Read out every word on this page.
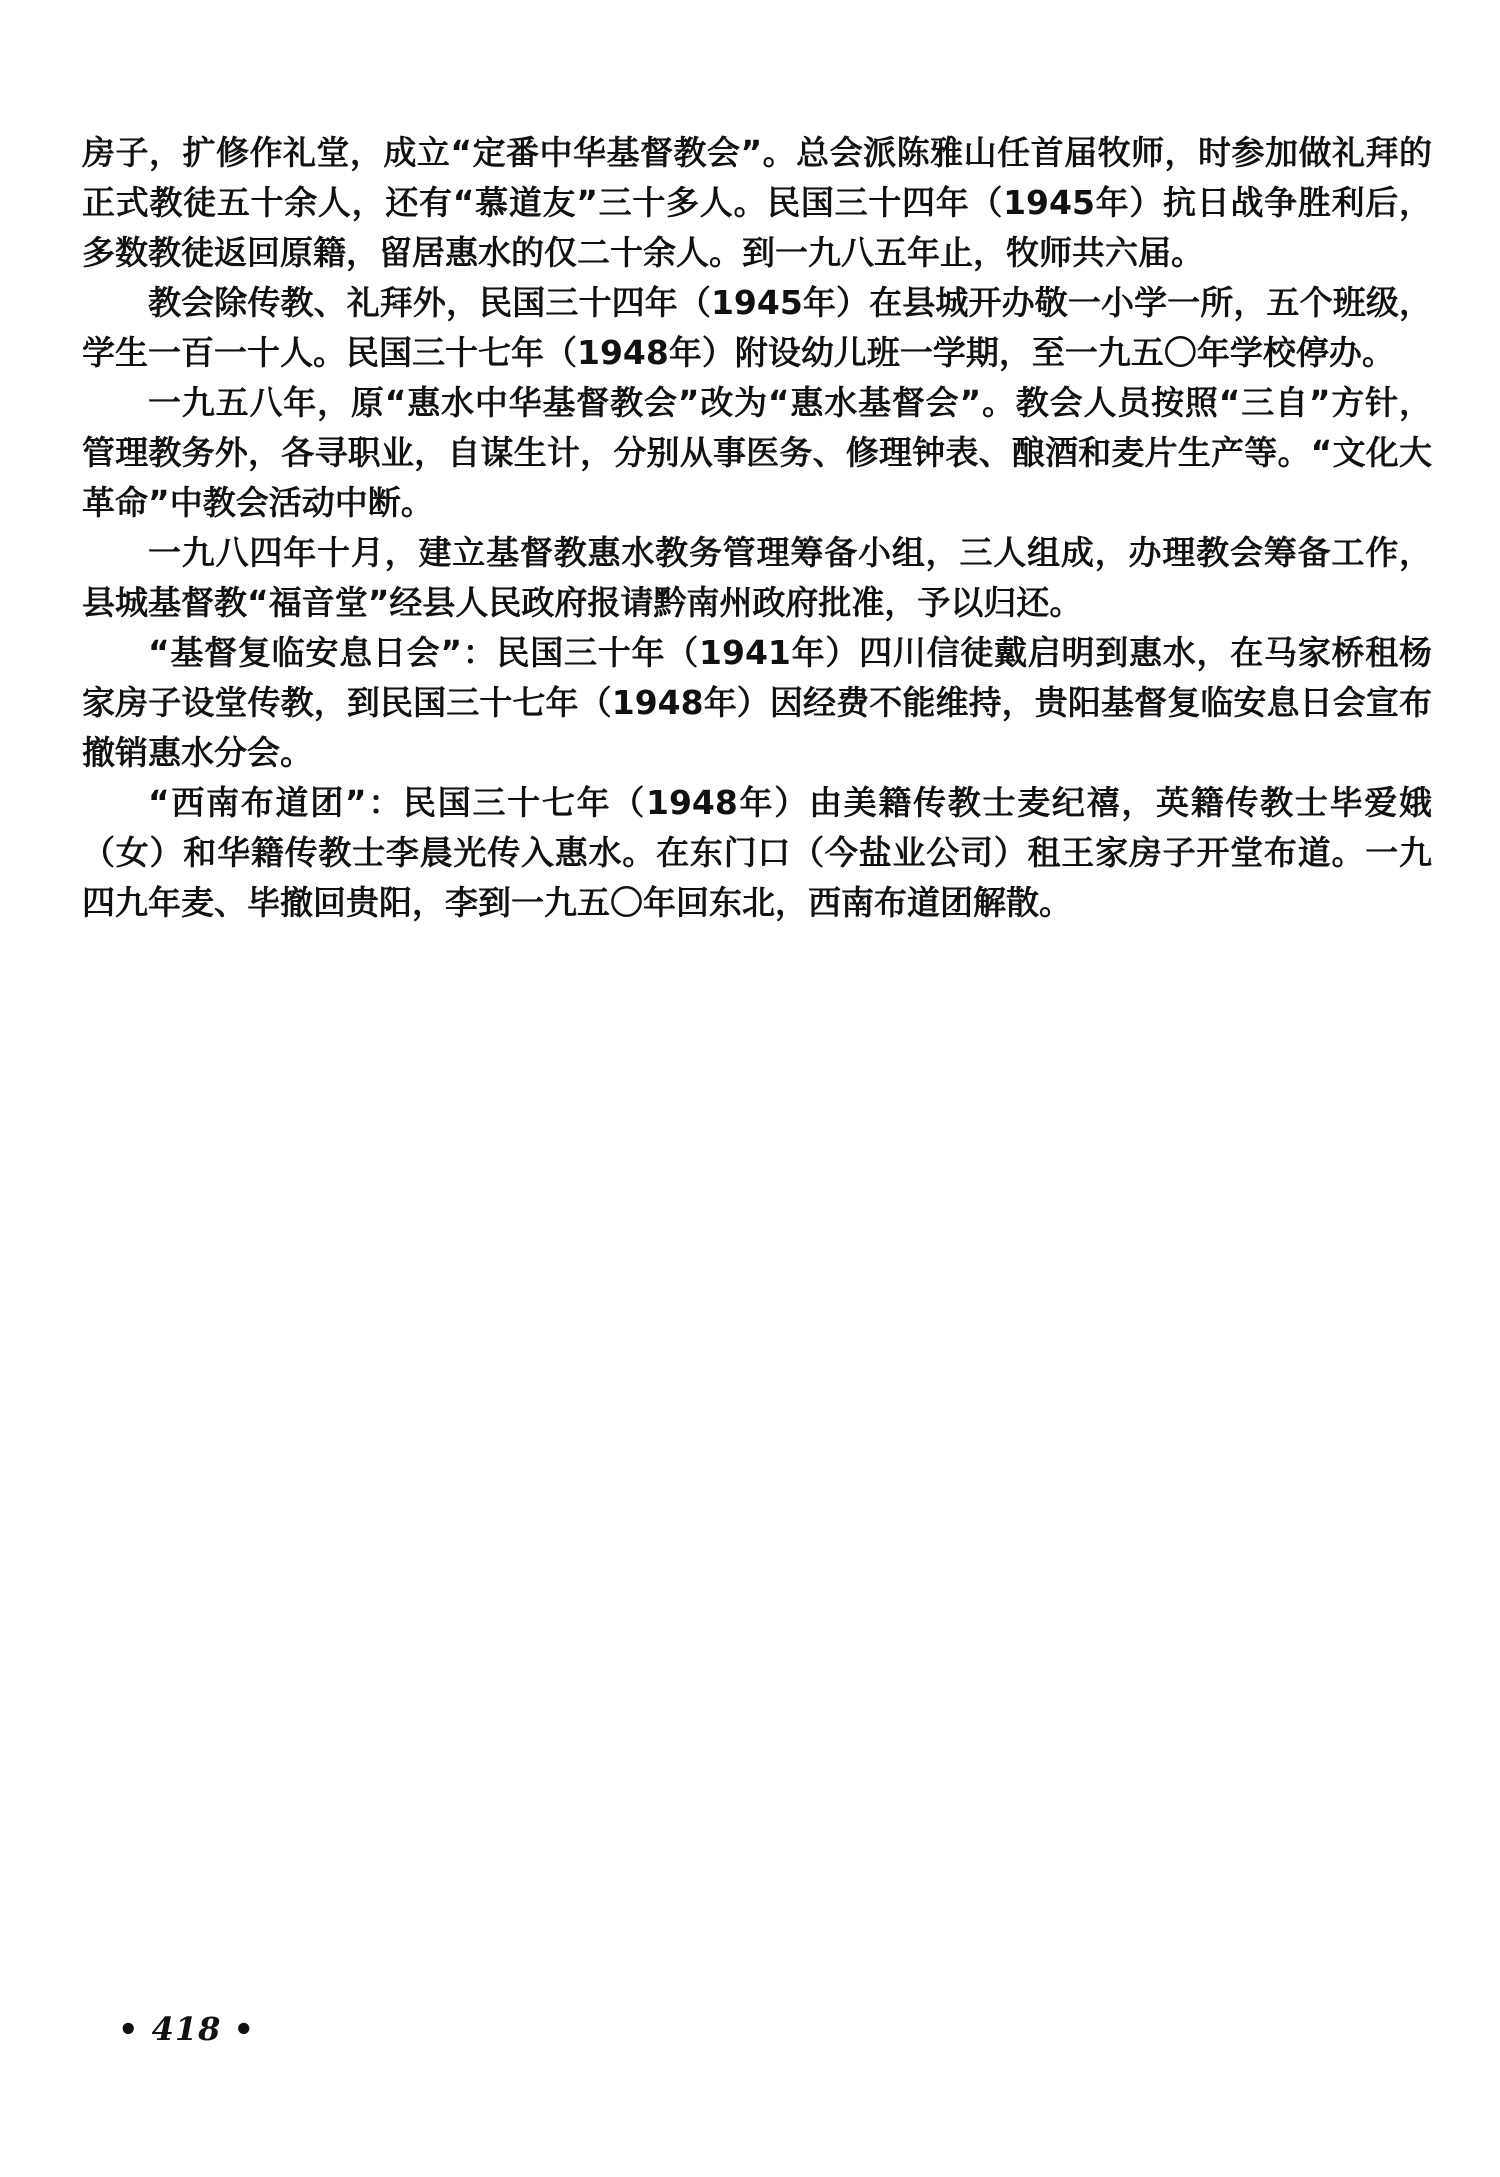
房子，扩修作礼堂，成立“定番中华基督教会”。总会派陈雅山任首届牧师，时参加做礼拜的正式教徒五十余人，还有“慕道友”三十多人。民国三十四年（1945年）抗日战争胜利后，多数教徒返回原籍，留居惠水的仅二十余人。到一九八五年止，牧师共六届。

教会除传教、礼拜外，民国三十四年（1945年）在县城开办敬一小学一所，五个班级，学生一百一十人。民国三十七年（1948年）附设幼儿班一学期，至一九五〇年学校停办。

一九五八年，原“惠水中华基督教会”改为“惠水基督会”。教会人员按照“三自”方针，管理教务外，各寻职业，自谋生计，分别从事医务、修理钟表、酿酒和麦片生产等。“文化大革命”中教会活动中断。

一九八四年十月，建立基督教惠水教务管理筹备小组，三人组成，办理教会筹备工作，县城基督教“福音堂”经县人民政府报请黔南州政府批准，予以归还。

“基督复临安息日会”：民国三十年（1941年）四川信徒戴启明到惠水，在马家桥租杨家房子设堂传教，到民国三十七年（1948年）因经费不能维持，贵阳基督复临安息日会宣布撤销惠水分会。

“西南布道团”：民国三十七年（1948年）由美籍传教士麦纪禧，英籍传教士毕爱娥（女）和华籍传教士李晨光传入惠水。在东门口（今盐业公司）租王家房子开堂布道。一九四九年麦、毕撤回贵阳，李到一九五〇年回东北，西南布道团解散。

• 418 •
